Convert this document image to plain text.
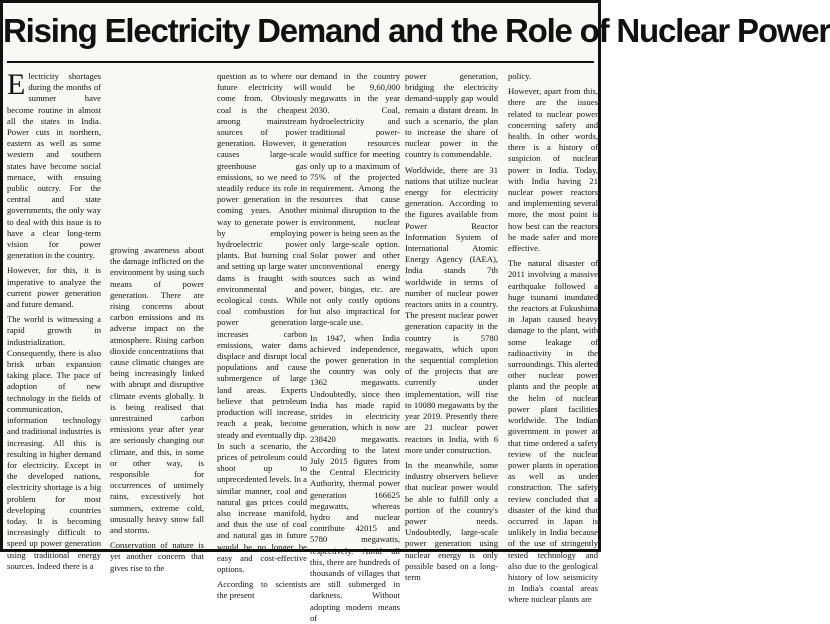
Rising Electricity Demand and the Role of Nuclear Power

Electricity shortages during the months of summer have become routine in almost all the states in India. Power cuts in northern, eastern as well as some western and southern states have become social menace, with ensuing public outcry. For the central and state governments, the only way to deal with this issue is to have a clear long-term vision for power generation in the country.

However, for this, it is imperative to analyze the current power generation and future demand.

The world is witnessing a rapid growth in industrialization. Consequently, there is also brisk urban expansion taking place. The pace of adoption of new technology in the fields of communication, information technology and traditional industries is increasing. All this is resulting in higher demand for electricity. Except in the developed nations, electricity shortage is a big problem for most developing countries today. It is becoming increasingly difficult to speed up power generation using traditional energy sources. Indeed there is a

growing awareness about the damage inflicted on the environment by using such means of power generation. There are rising concerns about carbon emissions and its adverse impact on the atmosphere. Rising carbon dioxide concentrations that cause climatic changes are being increasingly linked with abrupt and disruptive climate events globally. It is being realised that unrestrained carbon emissions year after year are seriously changing our climate, and this, in some or other way, is responsible for occurrences of untimely rains, excessively hot summers, extreme cold, unusually heavy snow fall and storms.

Conservation of nature is yet another concern that gives rise to the

question as to where our future electricity will come from. Obviously coal is the cheapest among mainstream sources of power generation. However, it causes large-scale greenhouse gas emissions, so we need to steadily reduce its role in power generation in the coming years. Another way to generate power is by employing hydroelectric power plants. But burning coal and setting up large water dams is fraught with environmental and ecological costs. While coal combustion for power generation increases carbon emissions, water dams displace and disrupt local populations and cause submergence of large land areas. Experts believe that petroleum production will increase, reach a peak, become steady and eventually dip. In such a scenario, the prices of petroleum could shoot up to unprecedented levels. In a similar manner, coal and natural gas prices could also increase manifold, and thus the use of coal and natural gas in future would be no longer be easy and cost-effective options.

According to scientists the present

demand in the country would be 9,60,000 megawatts in the year 2030. Coal, hydroelectricity and traditional power-generation resources would suffice for meeting only up to a maximum of 75% of the projected requirement. Among the resources that cause minimal disruption to the environment, nuclear power is being seen as the only large-scale option. Solar power and other unconventional energy sources such as wind power, biogas, etc. are not only costly options but also impractical for large-scale use.

In 1947, when India achieved independence, the power generation in the country was only 1362 megawatts. Undoubtedly, since then India has made rapid strides in electricity generation, which is now 238420 megawatts. According to the latest July 2015 figures from the Central Electricity Authority, thermal power generation 166625 megawatts, whereas hydro and nuclear contribute 42015 and 5780 megawatts, respectively. Amid all this, there are hundreds of thousands of villages that are still submerged in darkness. Without adopting modern means of

power generation, bridging the electricity demand-supply gap would remain a distant dream. In such a scenario, the plan to increase the share of nuclear power in the country is commendable.

Worldwide, there are 31 nations that utilize nuclear energy for electricity generation. According to the figures available from Power Reactor Information System of International Atomic Energy Agency (IAEA), India stands 7th worldwide in terms of number of nuclear power reactors units in a country. The present nuclear power generation capacity in the country is 5780 megawatts, which upon the sequential completion of the projects that are currently under implementation, will rise to 10080 megawatts by the year 2019. Presently there are 21 nuclear power reactors in India, with 6 more under construction.

In the meanwhile, some industry observers believe that nuclear power would be able to fulfill only a portion of the country's power needs. Undoubtedly, large-scale power generation using nuclear energy is only possible based on a long-term

policy.

However, apart from this, there are the issues related to nuclear power concerning safety and health. In other words, there is a history of suspicion of nuclear power in India. Today, with India having 21 nuclear power reactors and implementing several more, the most point is how best can the reactors be made safer and more effective.

The natural disaster of 2011 involving a massive earthquake followed a huge tsunami inundated the reactors at Fukushima in Japan caused heavy damage to the plant, with some leakage of radioactivity in the surroundings. This alerted other nuclear power plants and the people at the helm of nuclear power plant facilities worldwide. The Indian government in power at that time ordered a safety review of the nuclear power plants in operation as well as under construction. The safety review concluded that a disaster of the kind that occurred in Japan is unlikely in India because of the use of stringently tested technology and also due to the geological history of low seismicity in India's coastal areas where nuclear plants are
